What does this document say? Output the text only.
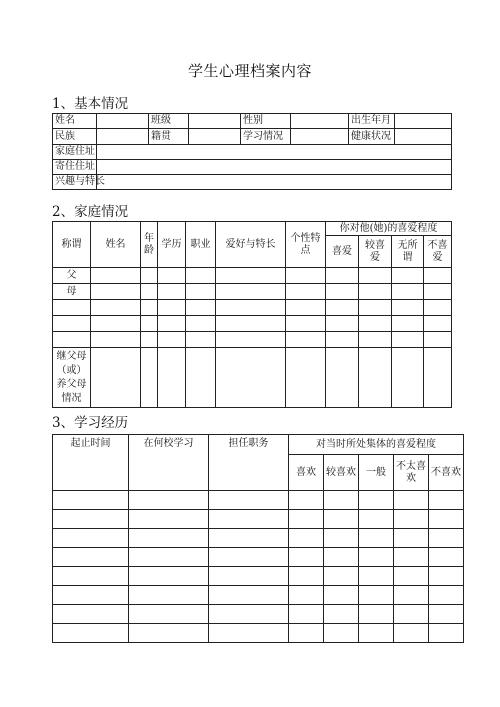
学生心理档案内容
1、基本情况
姓名		班级		性别		出生年月	
民族		籍贯		学习情况		健康状况	
家庭住址							
寄住住址							
兴趣与特长							
2、家庭情况
称谓	姓名	年龄	学历	职业	爱好与特长	个性特点	你对他(她)的喜爱程度			
							喜爱	较喜爱	无所谓	不喜爱
父										
母										

继父母（或）养父母情况										
3、学习经历
起止时间	在何校学习	担任职务	对当时所处集体的喜爱程度				
			喜欢	较喜欢	一般	不太喜欢	不喜欢
